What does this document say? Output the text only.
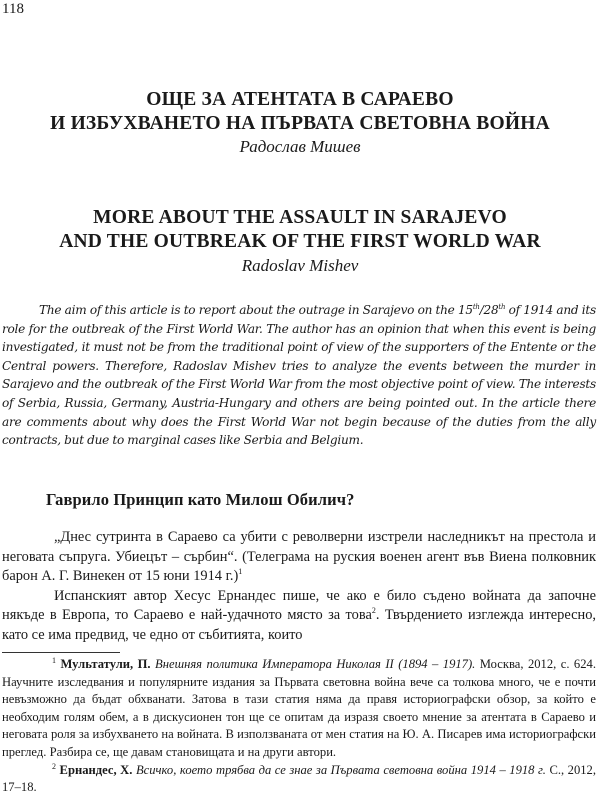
118
ОЩЕ ЗА АТЕНТАТА В САРАЕВО
И ИЗБУХВАНЕТО НА ПЪРВАТА СВЕТОВНА ВОЙНА
Радослав Мишев
MORE ABOUT THE ASSAULT IN SARAJEVO
AND THE OUTBREAK OF THE FIRST WORLD WAR
Radoslav Mishev
The aim of this article is to report about the outrage in Sarajevo on the 15th/28th of 1914 and its role for the outbreak of the First World War. The author has an opinion that when this event is being investigated, it must not be from the traditional point of view of the supporters of the Entente or the Central powers. Therefore, Radoslav Mishev tries to analyze the events between the murder in Sarajevo and the outbreak of the First World War from the most objective point of view. The interests of Serbia, Russia, Germany, Austria-Hungary and others are being pointed out. In the article there are comments about why does the First World War not begin because of the duties from the ally contracts, but due to marginal cases like Serbia and Belgium.
Гаврило Принцип като Милош Обилич?

„Днес сутринта в Сараево са убити с револверни изстрели наследникът на престола и неговата съпруга. Убиецът – сърбин“. (Телеграма на руския военен агент във Виена полковник барон А. Г. Винекен от 15 юни 1914 г.)$^1$

Испанският автор Хесус Ернандес пише, че ако е било съдено войната да започне някъде в Европа, то Сараево е най-удачното място за това$^2$. Твърдението изглежда интересно, като се има предвид, че едно от събитията, които

$^1$ Мультатули, П. Внешняя политика Императора Николая II (1894 – 1917). Москва, 2012, с. 624. Научните изследвания и популярните издания за Първата световна война вече са толкова много, че е почти невъзможно да бъдат обхванати. Затова в тази статия няма да правя историографски обзор, за който е необходим голям обем, а в дискусионен тон ще се опитам да изразя своето мнение за атентата в Сараево и неговата роля за избухването на войната. В използваната от мен статия на Ю. А. Писарев има историографски преглед. Разбира се, ще давам становищата и на други автори.

$^2$ Ернандес, Х. Всичко, което трябва да се знае за Първата световна война 1914 – 1918 г. С., 2012, 17–18.
